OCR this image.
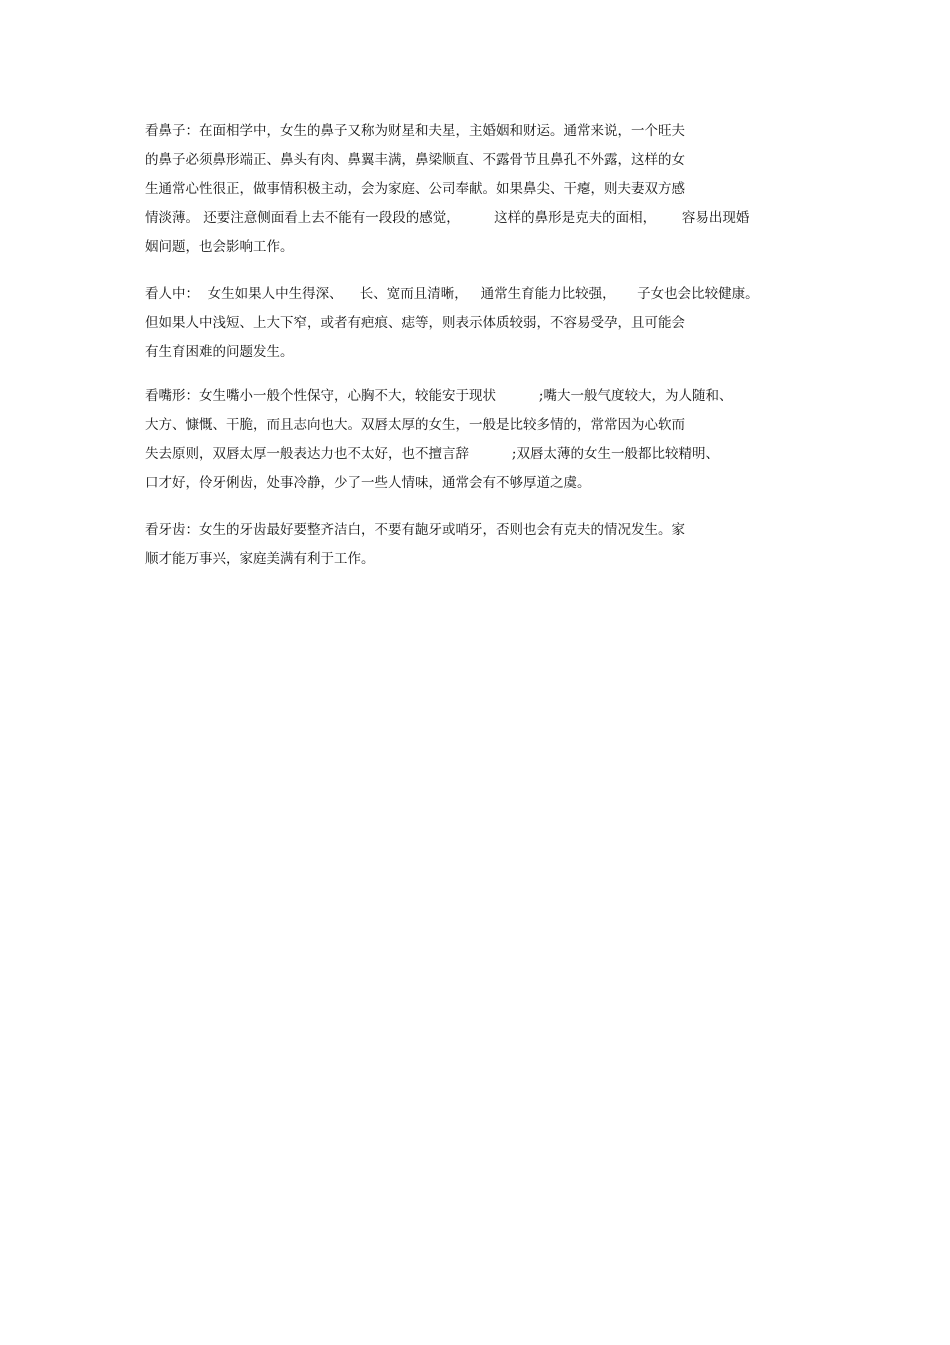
看鼻子：在面相学中，女生的鼻子又称为财星和夫星，主婚姻和财运。通常来说，一个旺夫
的鼻子必须鼻形端正、鼻头有肉、鼻翼丰满，鼻梁顺直、不露骨节且鼻孔不外露，这样的女
生通常心性很正，做事情积极主动，会为家庭、公司奉献。如果鼻尖、干瘪，则夫妻双方感
情淡薄。 还要注意侧面看上去不能有一段段的感觉，        这样的鼻形是克夫的面相，      容易出现婚
姻问题，也会影响工作。
看人中：  女生如果人中生得深、    长、宽而且清晰，   通常生育能力比较强，     子女也会比较健康。
但如果人中浅短、上大下窄，或者有疤痕、痣等，则表示体质较弱，不容易受孕，且可能会
有生育困难的问题发生。
看嘴形：女生嘴小一般个性保守，心胸不大，较能安于现状          ;嘴大一般气度较大，为人随和、
大方、慷慨、干脆，而且志向也大。双唇太厚的女生，一般是比较多情的，常常因为心软而
失去原则，双唇太厚一般表达力也不太好，也不擅言辞          ;双唇太薄的女生一般都比较精明、
口才好，伶牙俐齿，处事冷静，少了一些人情味，通常会有不够厚道之虞。
看牙齿：女生的牙齿最好要整齐洁白，不要有龅牙或哨牙，否则也会有克夫的情况发生。家
顺才能万事兴，家庭美满有利于工作。
